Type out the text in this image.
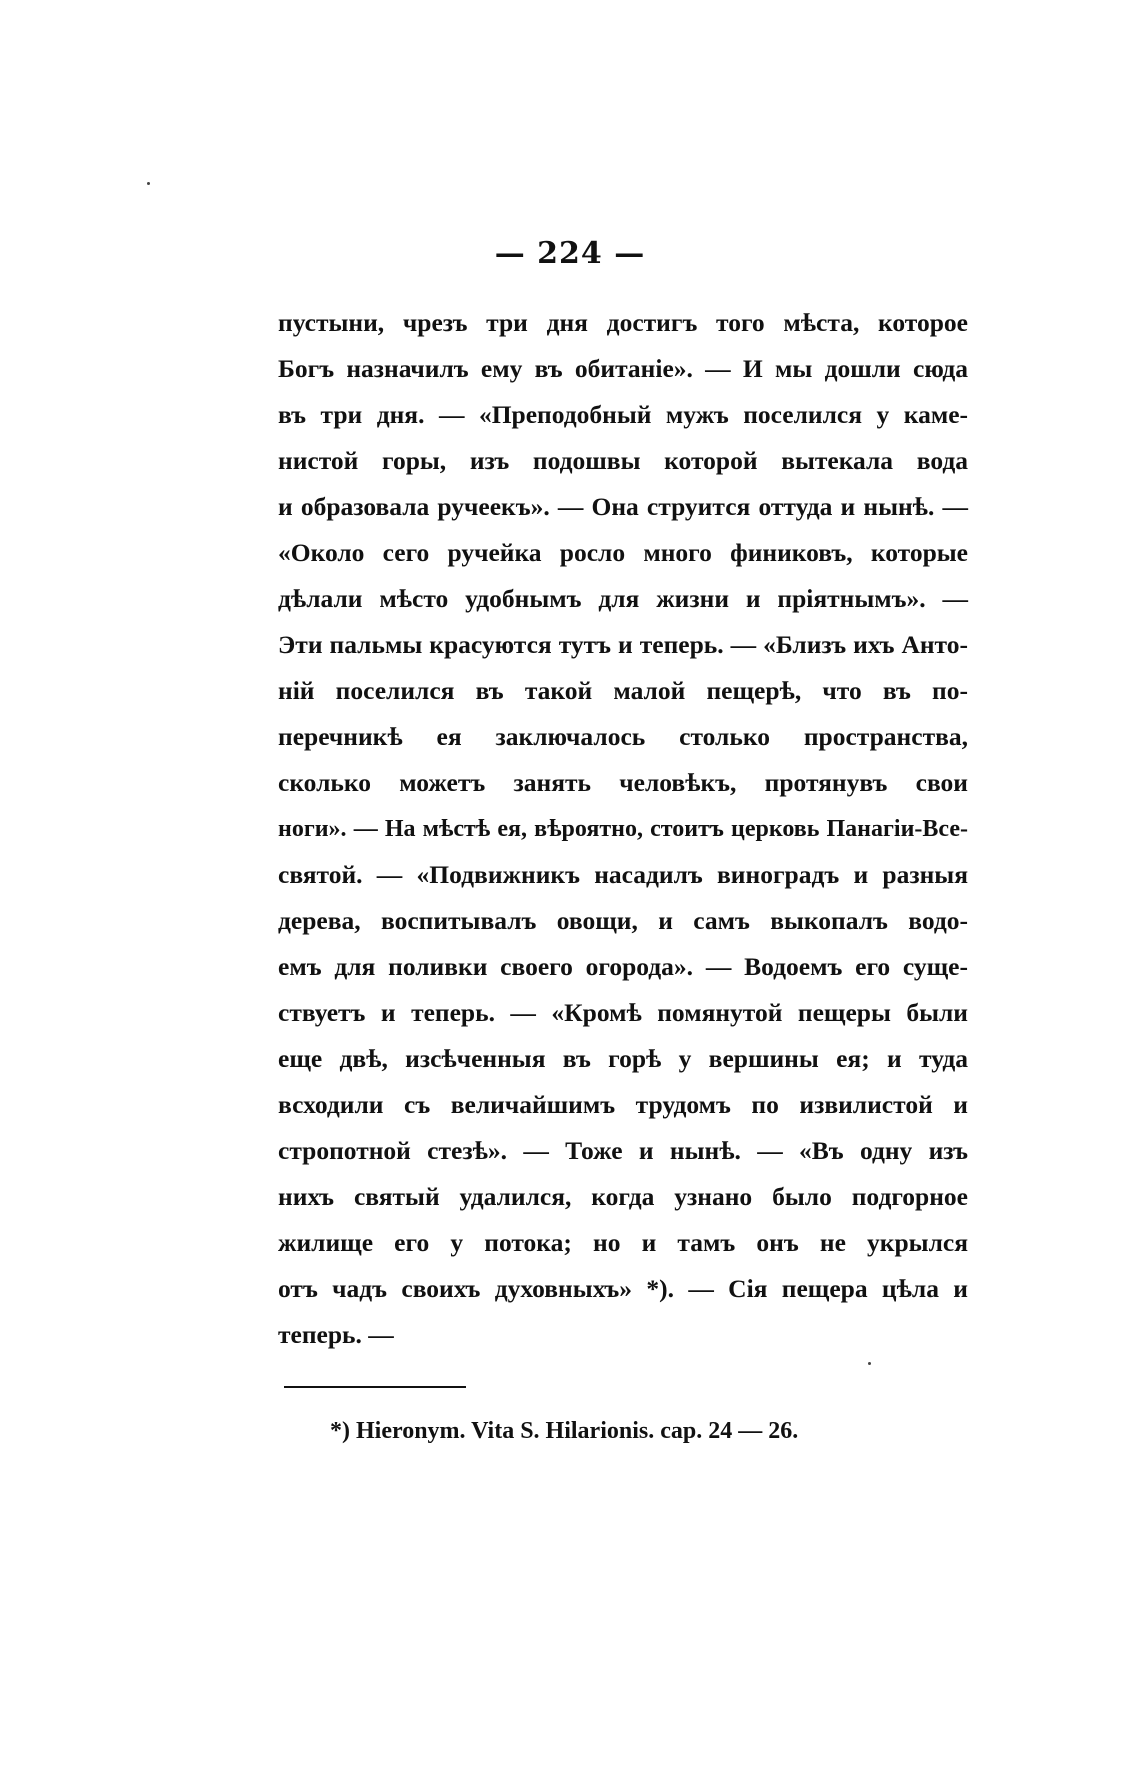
— 224 —
пустыни, чрезъ три дня достигъ того мѣста, которое
Богъ назначилъ ему въ обитаніе». — И мы дошли сюда
въ три дня. — «Преподобный мужъ поселился у каме-
нистой горы, изъ подошвы которой вытекала вода
и образовала ручеекъ». — Она струится оттуда и нынѣ. —
«Около сего ручейка росло много финиковъ, которые
дѣлали мѣсто удобнымъ для жизни и пріятнымъ». —
Эти пальмы красуются тутъ и теперь. — «Близъ ихъ Анто-
ній поселился въ такой малой пещерѣ, что въ по-
перечникѣ ея заключалось столько пространства,
сколько можетъ занять человѣкъ, протянувъ свои
ноги». — На мѣстѣ ея, вѣроятно, стоитъ церковь Панагіи-Все-
святой. — «Подвижникъ насадилъ виноградъ и разныя
дерева, воспитывалъ овощи, и самъ выкопалъ водо-
емъ для поливки своего огорода». — Водоемъ его суще-
ствуетъ и теперь. — «Кромѣ помянутой пещеры были
еще двѣ, изсѣченныя въ горѣ у вершины ея; и туда
всходили съ величайшимъ трудомъ по извилистой и
стропотной стезѣ». — Тоже и нынѣ. — «Въ одну изъ
нихъ святый удалился, когда узнано было подгорное
жилище его у потока; но и тамъ онъ не укрылся
отъ чадъ своихъ духовныхъ» *). — Сія пещера цѣла и
теперь. —
*) Hieronym. Vita S. Hilarionis. cap. 24 — 26.
